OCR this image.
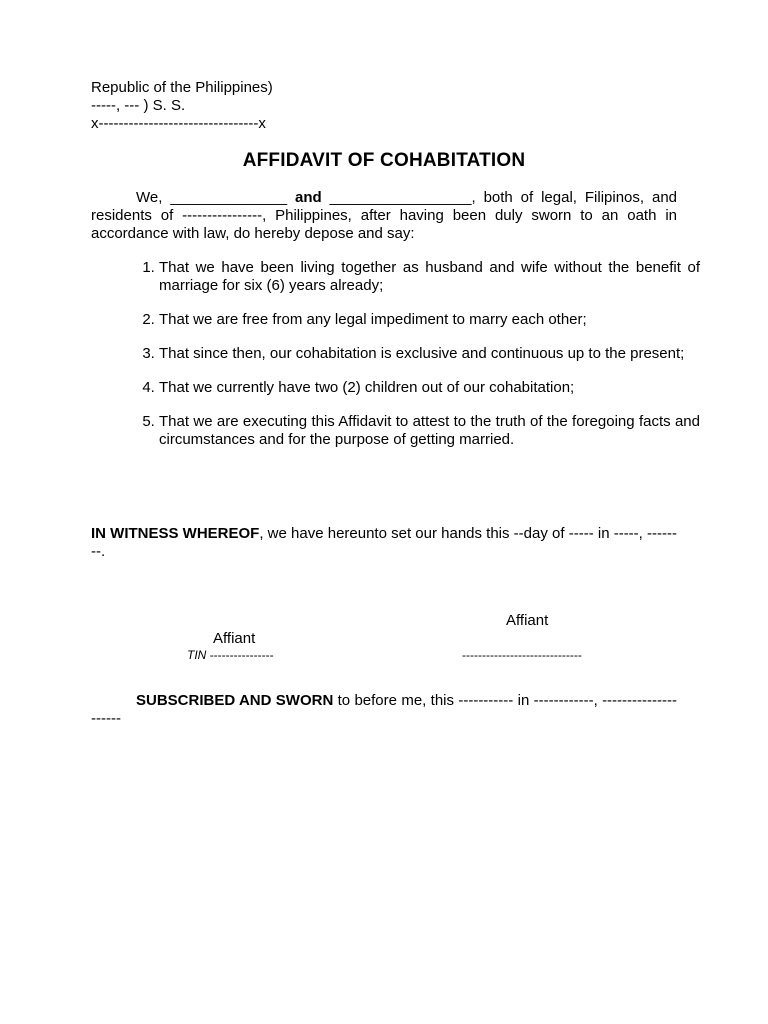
Republic of the Philippines)
-----, --- ) S. S.
x--------------------------------x
AFFIDAVIT OF COHABITATION
We, ______________ and _________________, both of legal, Filipinos, and residents of ----------------, Philippines, after having been duly sworn to an oath in accordance with law, do hereby depose and say:
1. That we have been living together as husband and wife without the benefit of marriage for six (6) years already;
2. That we are free from any legal impediment to marry each other;
3. That since then, our cohabitation is exclusive and continuous up to the present;
4. That we currently have two (2) children out of our cohabitation;
5. That we are executing this Affidavit to attest to the truth of the foregoing facts and circumstances and for the purpose of getting married.
IN WITNESS WHEREOF, we have hereunto set our hands this --day of ----- in -----, --------.
Affiant
Affiant
TIN ----------------	------------------------------
SUBSCRIBED AND SWORN to before me, this ----------- in ------------, ---------------------
